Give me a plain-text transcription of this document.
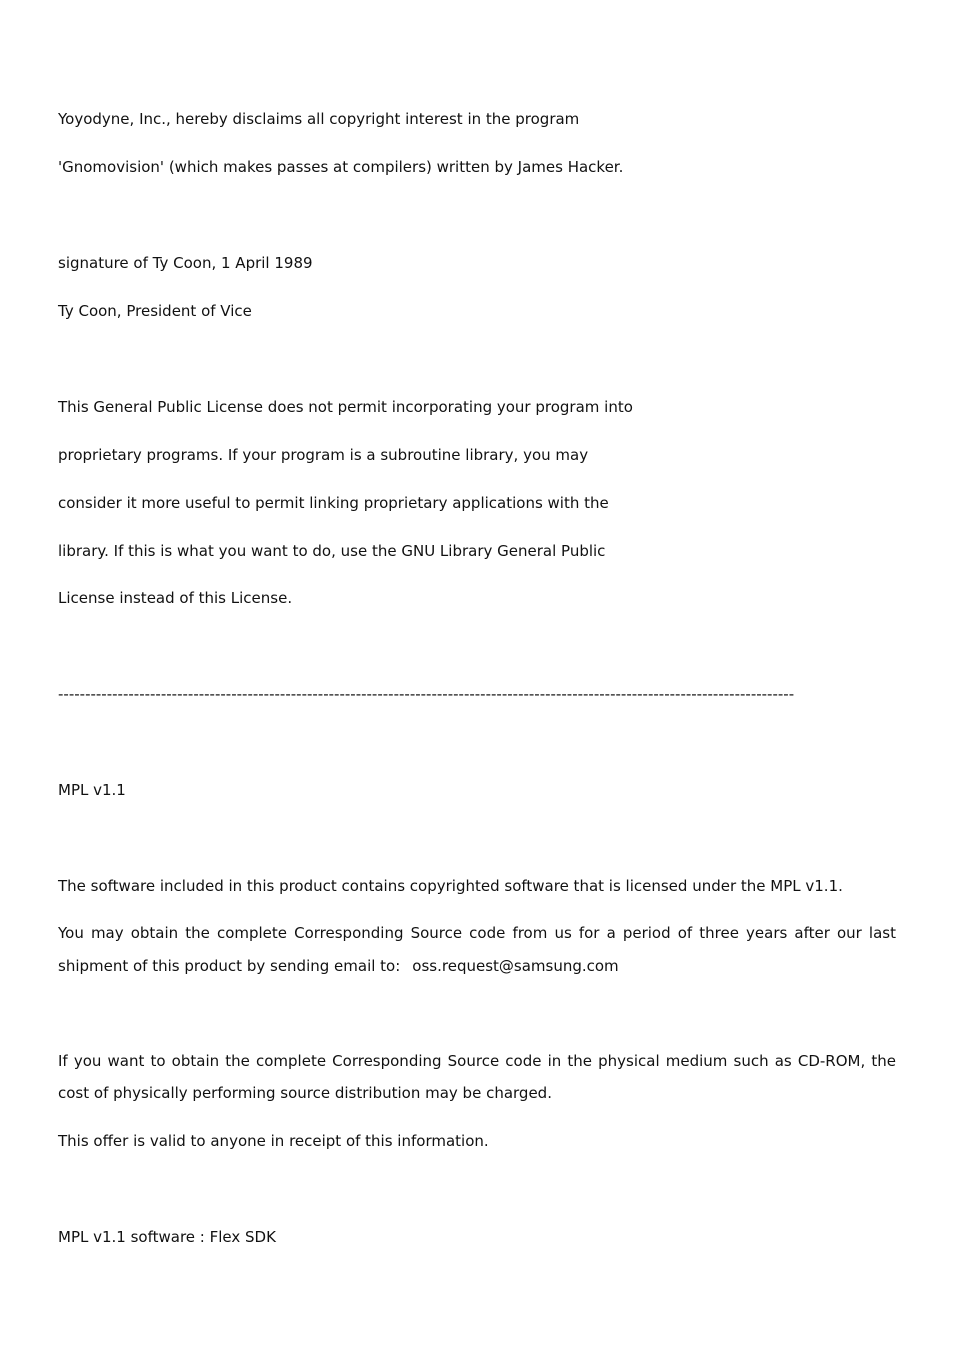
Yoyodyne, Inc., hereby disclaims all copyright interest in the program
'Gnomovision' (which makes passes at compilers) written by James Hacker.
signature of Ty Coon, 1 April 1989
Ty Coon, President of Vice
This General Public License does not permit incorporating your program into
proprietary programs. If your program is a subroutine library, you may
consider it more useful to permit linking proprietary applications with the
library. If this is what you want to do, use the GNU Library General Public
License instead of this License.
----------------------------------------------------------------------------------------------------------------------------------------
MPL v1.1
The software included in this product contains copyrighted software that is licensed under the MPL v1.1.
You may obtain the complete Corresponding Source code from us for a period of three years after our last
shipment of this product by sending email to: oss.request@samsung.com
If you want to obtain the complete Corresponding Source code in the physical medium such as CD-ROM, the
cost of physically performing source distribution may be charged.
This offer is valid to anyone in receipt of this information.
MPL v1.1 software : Flex SDK
